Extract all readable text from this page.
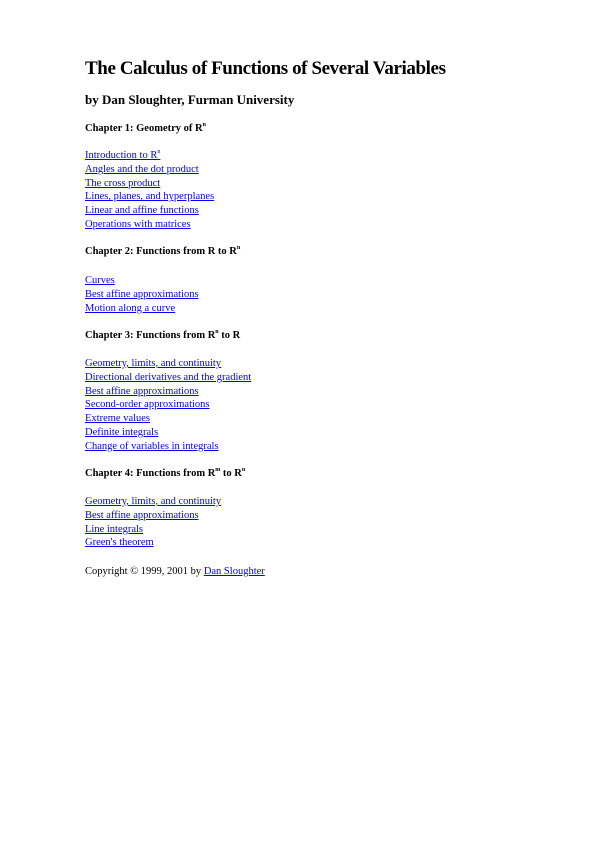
The Calculus of Functions of Several Variables

by Dan Sloughter, Furman University

Chapter 1: Geometry of $R^n$

Introduction to R$^n$
Angles and the dot product
The cross product
Lines, planes, and hyperplanes
Linear and affine functions
Operations with matrices

Chapter 2: Functions from R to $R^n$

Curves
Best affine approximations
Motion along a curve

Chapter 3: Functions from $R^n$ to R

Geometry, limits, and continuity
Directional derivatives and the gradient
Best affine approximations
Second-order approximations
Extreme values
Definite integrals
Change of variables in integrals

Chapter 4: Functions from $R^m$ to $R^n$

Geometry, limits, and continuity
Best affine approximations
Line integrals
Green's theorem

Copyright © 1999, 2001 by Dan Sloughter
